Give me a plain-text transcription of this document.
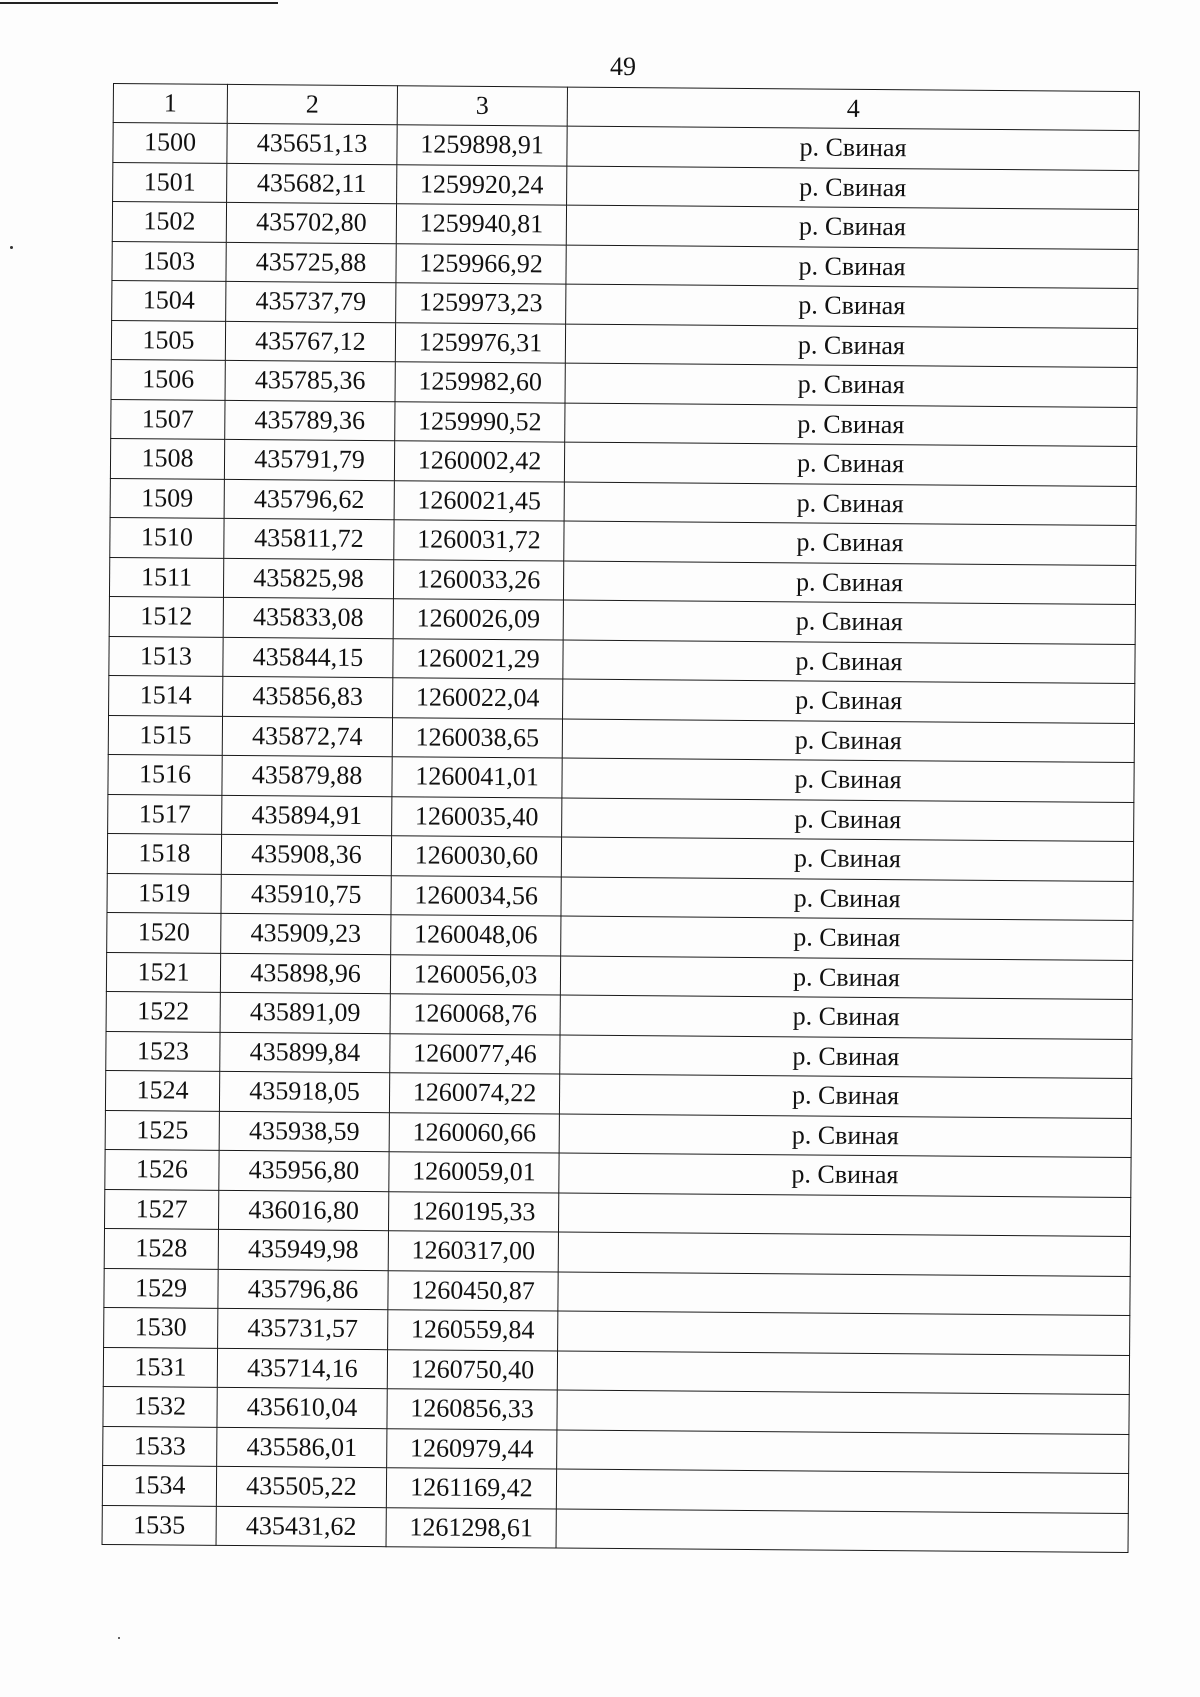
49
1	2	3	4
1500	435651,13	1259898,91	р. Свиная
1501	435682,11	1259920,24	р. Свиная
1502	435702,80	1259940,81	р. Свиная
1503	435725,88	1259966,92	р. Свиная
1504	435737,79	1259973,23	р. Свиная
1505	435767,12	1259976,31	р. Свиная
1506	435785,36	1259982,60	р. Свиная
1507	435789,36	1259990,52	р. Свиная
1508	435791,79	1260002,42	р. Свиная
1509	435796,62	1260021,45	р. Свиная
1510	435811,72	1260031,72	р. Свиная
1511	435825,98	1260033,26	р. Свиная
1512	435833,08	1260026,09	р. Свиная
1513	435844,15	1260021,29	р. Свиная
1514	435856,83	1260022,04	р. Свиная
1515	435872,74	1260038,65	р. Свиная
1516	435879,88	1260041,01	р. Свиная
1517	435894,91	1260035,40	р. Свиная
1518	435908,36	1260030,60	р. Свиная
1519	435910,75	1260034,56	р. Свиная
1520	435909,23	1260048,06	р. Свиная
1521	435898,96	1260056,03	р. Свиная
1522	435891,09	1260068,76	р. Свиная
1523	435899,84	1260077,46	р. Свиная
1524	435918,05	1260074,22	р. Свиная
1525	435938,59	1260060,66	р. Свиная
1526	435956,80	1260059,01	р. Свиная
1527	436016,80	1260195,33	
1528	435949,98	1260317,00	
1529	435796,86	1260450,87	
1530	435731,57	1260559,84	
1531	435714,16	1260750,40	
1532	435610,04	1260856,33	
1533	435586,01	1260979,44	
1534	435505,22	1261169,42	
1535	435431,62	1261298,61	
